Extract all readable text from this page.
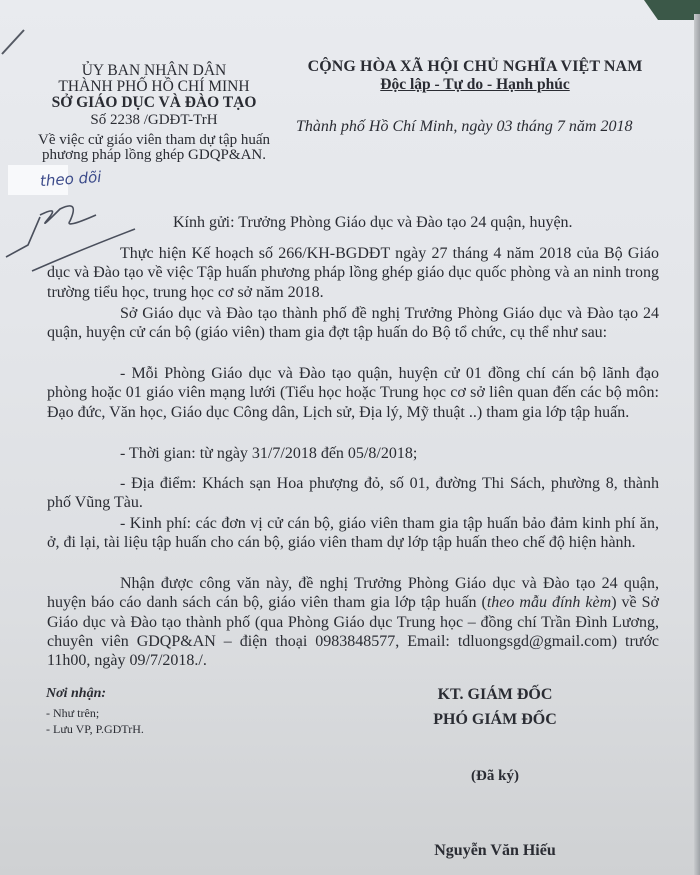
ỦY BAN NHÂN DÂN
THÀNH PHỐ HỒ CHÍ MINH
SỞ GIÁO DỤC VÀ ĐÀO TẠO
Số 2238 /GDĐT-TrH
Về việc cử giáo viên tham dự tập huấn
phương pháp lồng ghép GDQP&AN.
CỘNG HÒA XÃ HỘI CHỦ NGHĨA VIỆT NAM
Độc lập - Tự do - Hạnh phúc
Thành phố Hồ Chí Minh, ngày 03 tháng 7 năm 2018
theo dõi
Kính gửi: Trưởng Phòng Giáo dục và Đào tạo 24 quận, huyện.
Thực hiện Kế hoạch số 266/KH-BGDĐT ngày 27 tháng 4 năm 2018 của Bộ Giáo dục và Đào tạo về việc Tập huấn phương pháp lồng ghép giáo dục quốc phòng và an ninh trong trường tiểu học, trung học cơ sở năm 2018.
Sở Giáo dục và Đào tạo thành phố đề nghị Trưởng Phòng Giáo dục và Đào tạo 24 quận, huyện cử cán bộ (giáo viên) tham gia đợt tập huấn do Bộ tổ chức, cụ thể như sau:
- Mỗi Phòng Giáo dục và Đào tạo quận, huyện cử 01 đồng chí cán bộ lãnh đạo phòng hoặc 01 giáo viên mạng lưới (Tiểu học hoặc Trung học cơ sở liên quan đến các bộ môn: Đạo đức, Văn học, Giáo dục Công dân, Lịch sử, Địa lý, Mỹ thuật ..) tham gia lớp tập huấn.
- Thời gian: từ ngày 31/7/2018 đến 05/8/2018;
- Địa điểm: Khách sạn Hoa phượng đỏ, số 01, đường Thi Sách, phường 8, thành phố Vũng Tàu.
- Kinh phí: các đơn vị cử cán bộ, giáo viên tham gia tập huấn bảo đảm kinh phí ăn, ở, đi lại, tài liệu tập huấn cho cán bộ, giáo viên tham dự lớp tập huấn theo chế độ hiện hành.
Nhận được công văn này, đề nghị Trưởng Phòng Giáo dục và Đào tạo 24 quận, huyện báo cáo danh sách cán bộ, giáo viên tham gia lớp tập huấn (theo mẫu đính kèm) về Sở Giáo dục và Đào tạo thành phố (qua Phòng Giáo dục Trung học – đồng chí Trần Đình Lương, chuyên viên GDQP&AN – điện thoại 0983848577, Email: tdluongsgd@gmail.com) trước 11h00, ngày 09/7/2018./.
Nơi nhận:
- Như trên;
- Lưu VP, P.GDTrH.
KT. GIÁM ĐỐC
PHÓ GIÁM ĐỐC
(Đã ký)
Nguyễn Văn Hiếu
